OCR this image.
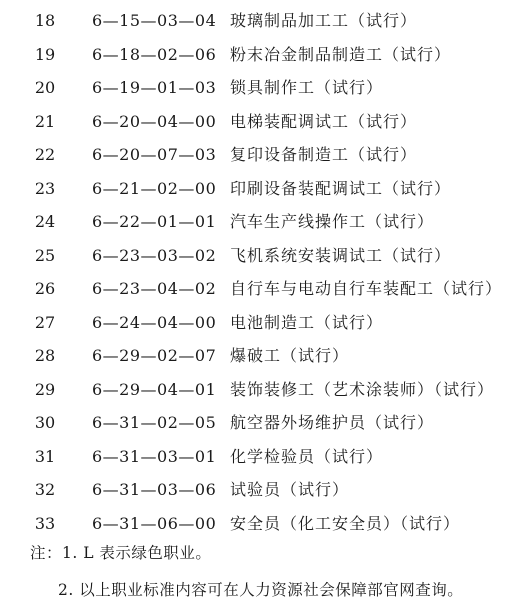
18	6—15—03—04 玻璃制品加工工（试行）
19	6—18—02—06 粉末冶金制品制造工（试行）
20	6—19—01—03 锁具制作工（试行）
21	6—20—04—00 电梯装配调试工（试行）
22	6—20—07—03 复印设备制造工（试行）
23	6—21—02—00 印刷设备装配调试工（试行）
24	6—22—01—01 汽车生产线操作工（试行）
25	6—23—03—02 飞机系统安装调试工（试行）
26	6—23—04—02 自行车与电动自行车装配工（试行）
27	6—24—04—00 电池制造工（试行）
28	6—29—02—07 爆破工（试行）
29	6—29—04—01 装饰装修工（艺术涂装师）（试行）
30	6—31—02—05 航空器外场维护员（试行）
31	6—31—03—01 化学检验员（试行）
32	6—31—03—06 试验员（试行）
33	6—31—06—00 安全员（化工安全员）（试行）
注：1. L 表示绿色职业。
2. 以上职业标准内容可在人力资源社会保障部官网查询。
